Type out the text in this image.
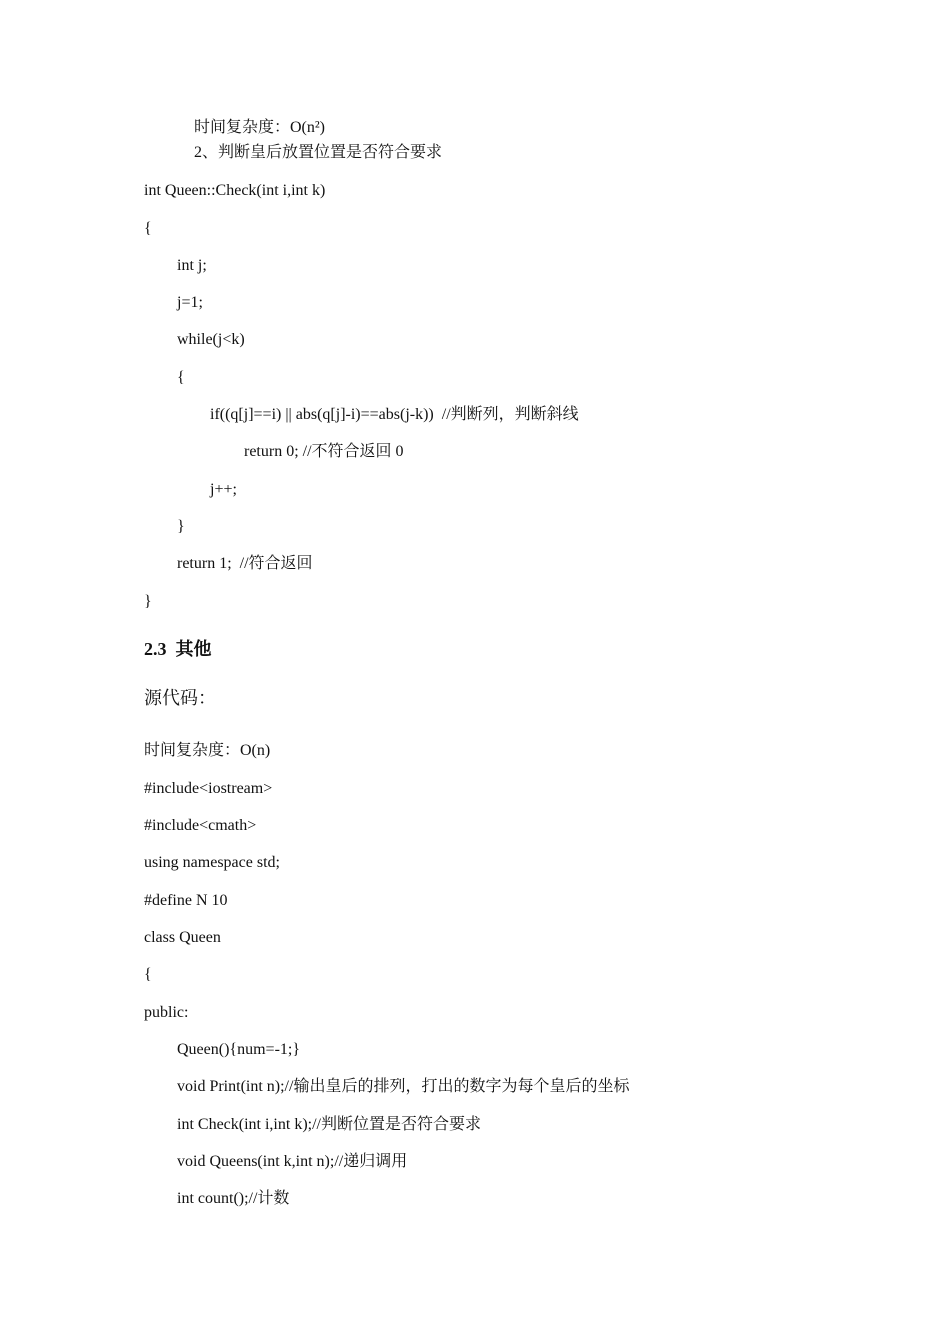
时间复杂度：O(n²)
2、判断皇后放置位置是否符合要求
int Queen::Check(int i,int k)
{
int j;
j=1;
while(j<k)
{
if((q[j]==i) || abs(q[j]-i)==abs(j-k))  //判断列，判断斜线
return 0; //不符合返回 0
j++;
}
return 1;  //符合返回
}
2.3  其他
源代码：
时间复杂度：O(n)
#include<iostream>
#include<cmath>
using namespace std;
#define N 10
class Queen
{
public:
Queen(){num=-1;}
void Print(int n);//输出皇后的排列，打出的数字为每个皇后的坐标
int Check(int i,int k);//判断位置是否符合要求
void Queens(int k,int n);//递归调用
int count();//计数
